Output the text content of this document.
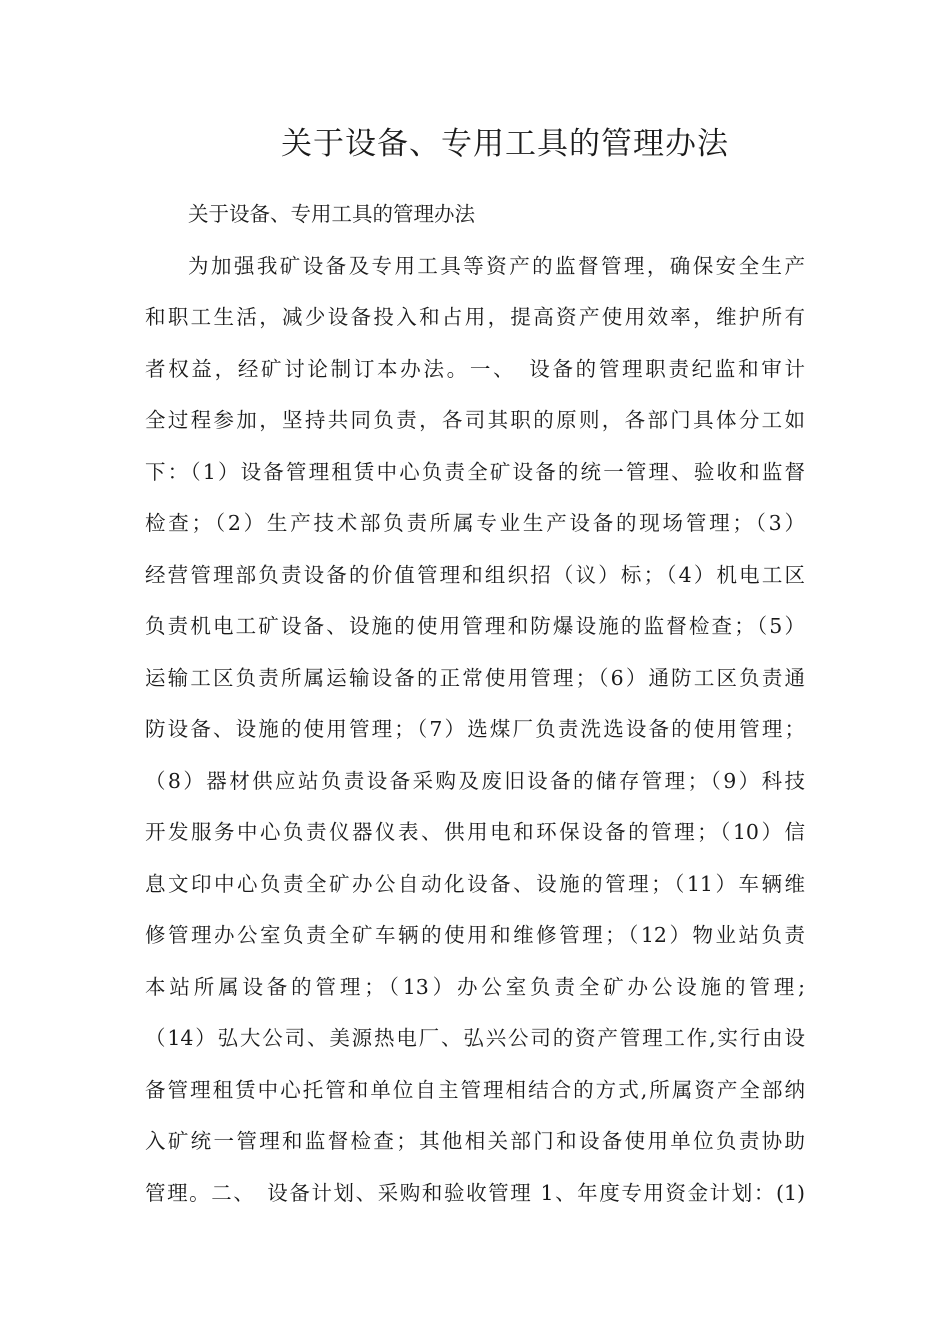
关于设备、专用工具的管理办法
关于设备、专用工具的管理办法
为加强我矿设备及专用工具等资产的监督管理，确保安全生产
和职工生活，减少设备投入和占用，提高资产使用效率，维护所有
者权益，经矿讨论制订本办法。一、　设备的管理职责纪监和审计
全过程参加，坚持共同负责，各司其职的原则，各部门具体分工如
下：（1）设备管理租赁中心负责全矿设备的统一管理、验收和监督
检查；（2）生产技术部负责所属专业生产设备的现场管理；（3）
经营管理部负责设备的价值管理和组织招（议）标；（4）机电工区
负责机电工矿设备、设施的使用管理和防爆设施的监督检查；（5）
运输工区负责所属运输设备的正常使用管理；（6）通防工区负责通
防设备、设施的使用管理；（7）选煤厂负责洗选设备的使用管理；
（8）器材供应站负责设备采购及废旧设备的储存管理；（9）科技
开发服务中心负责仪器仪表、供用电和环保设备的管理；（10）信
息文印中心负责全矿办公自动化设备、设施的管理；（11）车辆维
修管理办公室负责全矿车辆的使用和维修管理；（12）物业站负责
本站所属设备的管理；（13）办公室负责全矿办公设施的管理;
（14）弘大公司、美源热电厂、弘兴公司的资产管理工作,实行由设
备管理租赁中心托管和单位自主管理相结合的方式,所属资产全部纳
入矿统一管理和监督检查；其他相关部门和设备使用单位负责协助
管理。二、　设备计划、采购和验收管理 1、年度专用资金计划：(1)
